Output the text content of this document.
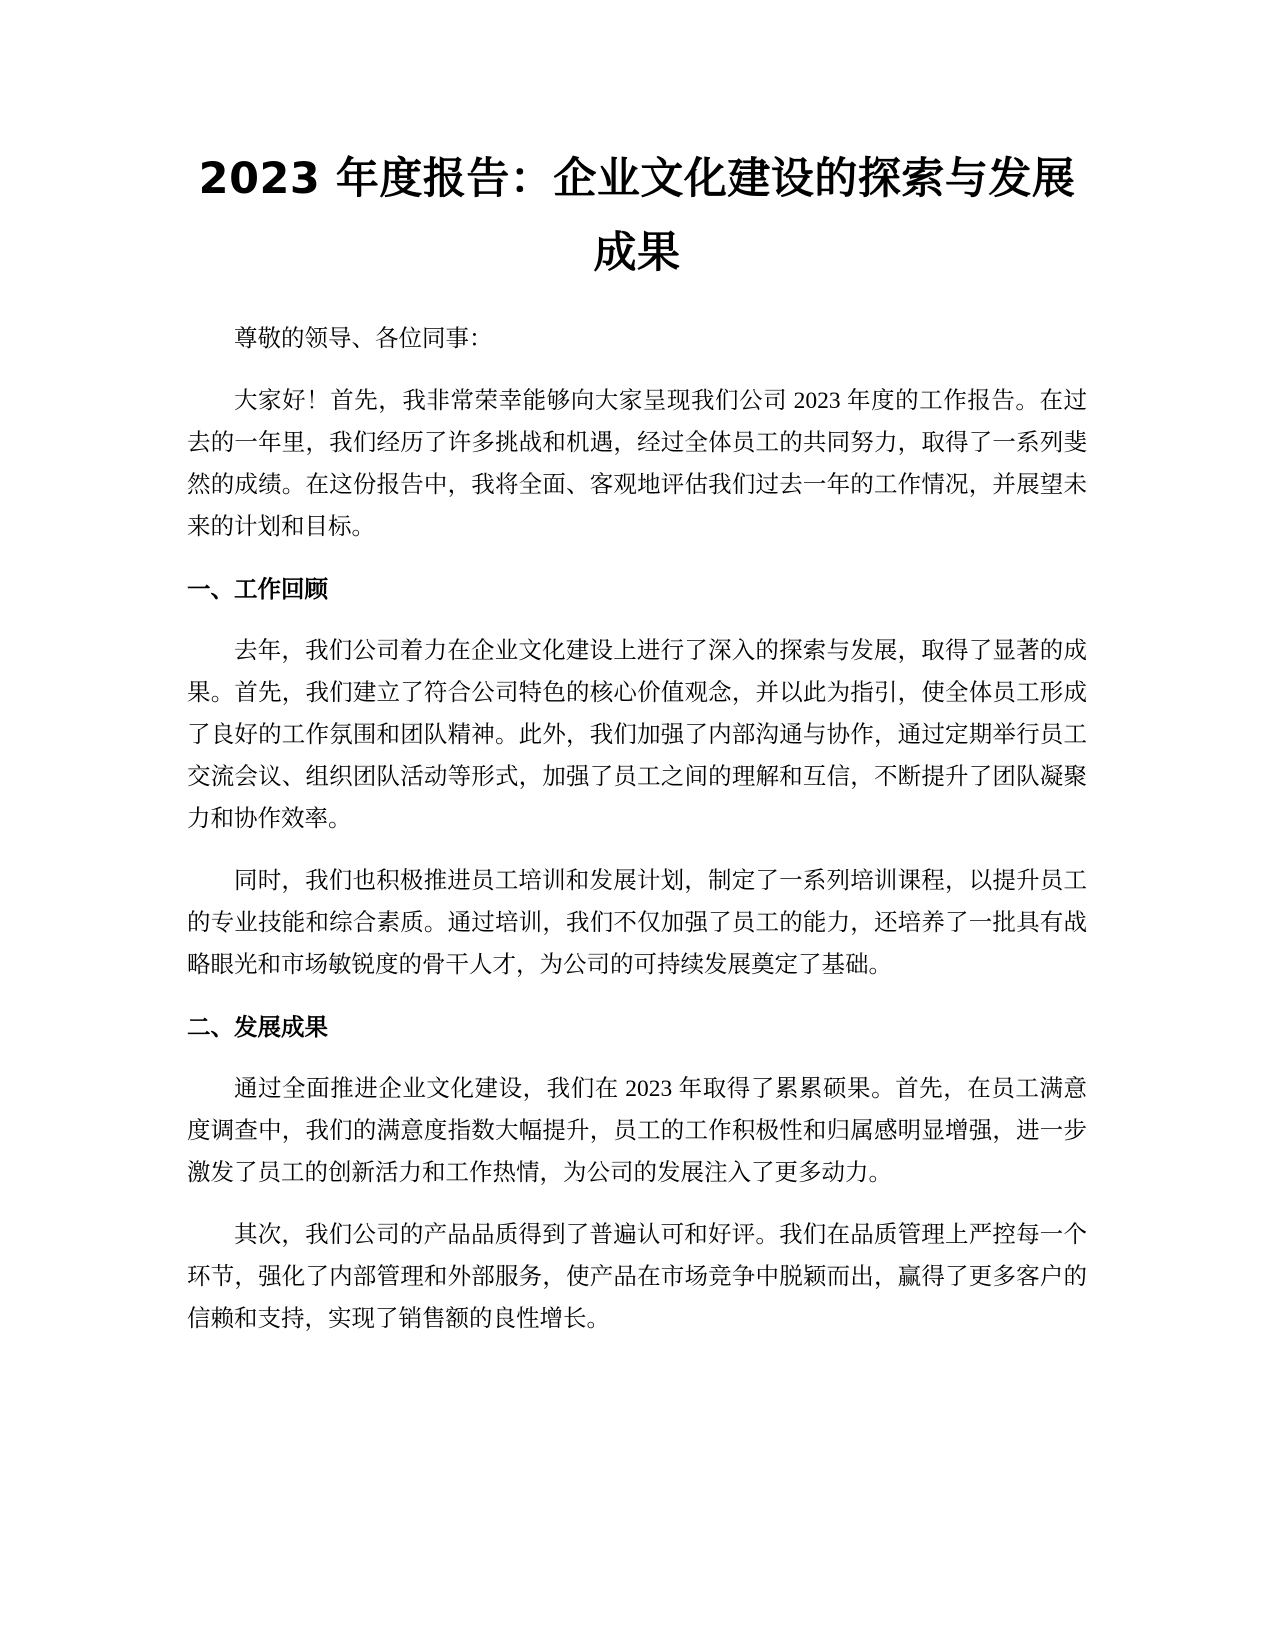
2023 年度报告：企业文化建设的探索与发展成果

尊敬的领导、各位同事：

大家好！首先，我非常荣幸能够向大家呈现我们公司 2023 年度的工作报告。在过去的一年里，我们经历了许多挑战和机遇，经过全体员工的共同努力，取得了一系列斐然的成绩。在这份报告中，我将全面、客观地评估我们过去一年的工作情况，并展望未来的计划和目标。

一、工作回顾

去年，我们公司着力在企业文化建设上进行了深入的探索与发展，取得了显著的成果。首先，我们建立了符合公司特色的核心价值观念，并以此为指引，使全体员工形成了良好的工作氛围和团队精神。此外，我们加强了内部沟通与协作，通过定期举行员工交流会议、组织团队活动等形式，加强了员工之间的理解和互信，不断提升了团队凝聚力和协作效率。

同时，我们也积极推进员工培训和发展计划，制定了一系列培训课程，以提升员工的专业技能和综合素质。通过培训，我们不仅加强了员工的能力，还培养了一批具有战略眼光和市场敏锐度的骨干人才，为公司的可持续发展奠定了基础。

二、发展成果

通过全面推进企业文化建设，我们在 2023 年取得了累累硕果。首先，在员工满意度调查中，我们的满意度指数大幅提升，员工的工作积极性和归属感明显增强，进一步激发了员工的创新活力和工作热情，为公司的发展注入了更多动力。

其次，我们公司的产品品质得到了普遍认可和好评。我们在品质管理上严控每一个环节，强化了内部管理和外部服务，使产品在市场竞争中脱颖而出，赢得了更多客户的信赖和支持，实现了销售额的良性增长。
